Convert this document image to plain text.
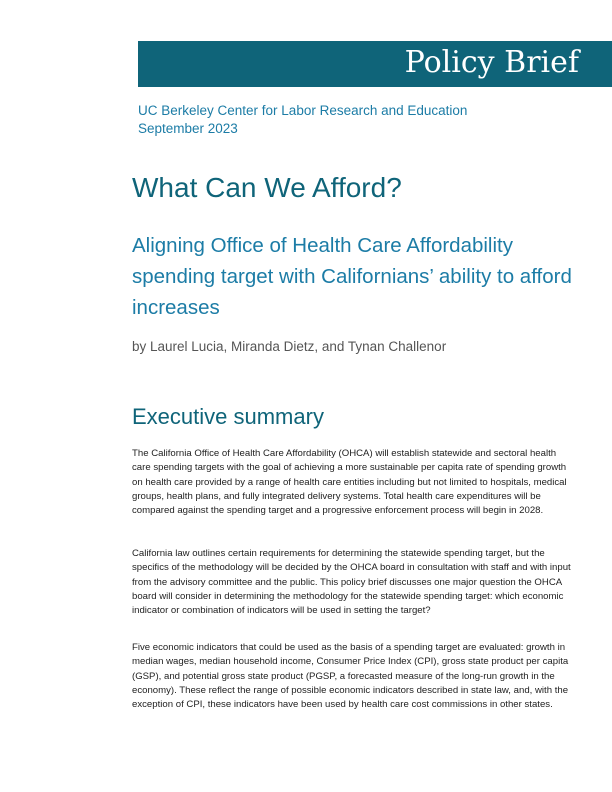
Policy Brief
UC Berkeley Center for Labor Research and Education
September 2023
What Can We Afford?
Aligning Office of Health Care Affordability spending target with Californians’ ability to afford increases
by Laurel Lucia, Miranda Dietz, and Tynan Challenor
Executive summary

The California Office of Health Care Affordability (OHCA) will establish statewide and sectoral health care spending targets with the goal of achieving a more sustainable per capita rate of spending growth on health care provided by a range of health care entities including but not limited to hospitals, medical groups, health plans, and fully integrated delivery systems. Total health care expenditures will be compared against the spending target and a progressive enforcement process will begin in 2028.

California law outlines certain requirements for determining the statewide spending target, but the specifics of the methodology will be decided by the OHCA board in consultation with staff and with input from the advisory committee and the public. This policy brief discusses one major question the OHCA board will consider in determining the methodology for the statewide spending target: which economic indicator or combination of indicators will be used in setting the target?

Five economic indicators that could be used as the basis of a spending target are evaluated: growth in median wages, median household income, Consumer Price Index (CPI), gross state product per capita (GSP), and potential gross state product (PGSP, a forecasted measure of the long-run growth in the economy). These reflect the range of possible economic indicators described in state law, and, with the exception of CPI, these indicators have been used by health care cost commissions in other states.
